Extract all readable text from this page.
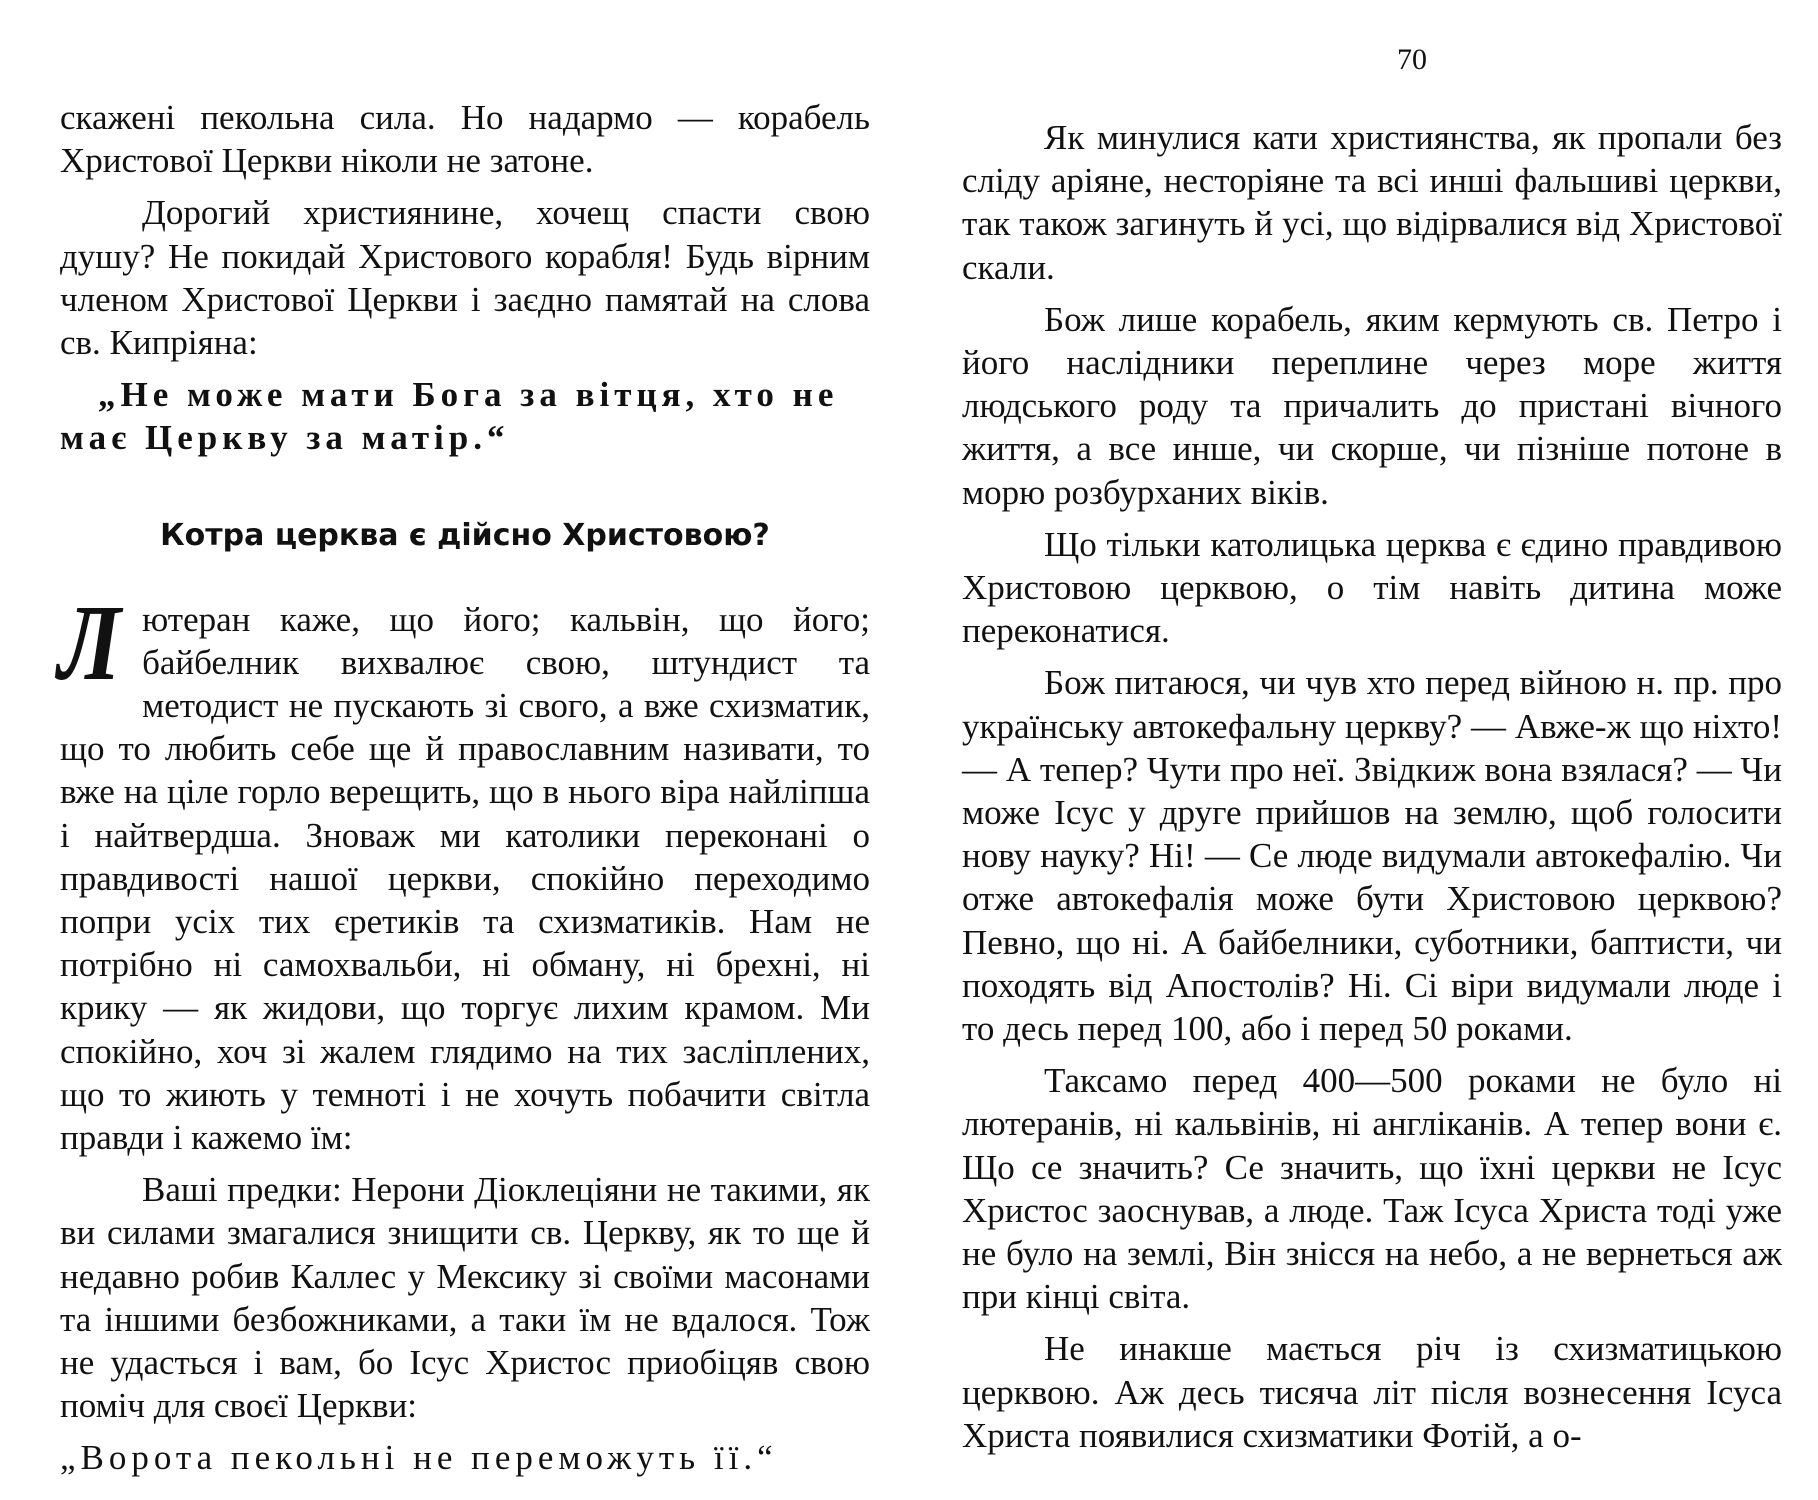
скажені пекольна сила. Но надармо — корабель Христової Церкви ніколи не затоне.

Дорогий християнине, хочещ спасти свою душу? Не покидай Христового корабля! Будь вірним членом Христової Церкви і заєдно памятай на слова св. Кипріяна:

„Не може мати Бога за вітця, хто не має Церкву за матір.“

Котра церква є дійсно Христовою?

Лютеран каже, що його; кальвін, що його; байбелник вихвалює свою, штундист та методист не пускають зі свого, а вже схизматик, що то любить себе ще й православним називати, то вже на ціле горло верещить, що в нього віра найліпша і найтвердша. Зноваж ми католики переконані о правдивості нашої церкви, спокійно переходимо попри усіх тих єретиків та схизматиків. Нам не потрібно ні самохвальби, ні обману, ні брехні, ні крику — як жидови, що торгує лихим крамом. Ми спокійно, хоч зі жалем глядимо на тих засліплених, що то жиють у темноті і не хочуть побачити світла правди і кажемо їм:

Ваші предки: Нерони Діоклеціяни не такими, як ви силами змагалися знищити св. Церкву, як то ще й недавно робив Каллес у Мексику зі своїми масонами та іншими безбожниками, а таки їм не вдалося. Тож не удасться і вам, бо Ісус Христос приобіцяв свою поміч для своєї Церкви:

„Ворота пекольні не переможуть її.“

70

Як минулися кати християнства, як пропали без сліду аріяне, несторіяне та всі инші фальшиві церкви, так також загинуть й усі, що відірвалися від Христової скали.

Бож лише корабель, яким кермують св. Петро і його наслідники переплине через море життя людського роду та причалить до пристані вічного життя, а все инше, чи скорше, чи пізніше потоне в морю розбурханих віків.

Що тільки католицька церква є єдино правдивою Христовою церквою, о тім навіть дитина може переконатися.

Бож питаюся, чи чув хто перед війною н. пр. про українську автокефальну церкву? — Авже-ж що ніхто! — А тепер? Чути про неї. Звідкиж вона взялася? — Чи може Ісус у друге прийшов на землю, щоб голосити нову науку? Ні! — Се люде видумали автокефалію. Чи отже автокефалія може бути Христовою церквою? Певно, що ні. А байбелники, суботники, баптисти, чи походять від Апостолів? Ні. Сі віри видумали люде і то десь перед 100, або і перед 50 роками.

Таксамо перед 400—500 роками не було ні лютеранів, ні кальвінів, ні англіканів. А тепер вони є. Що се значить? Се значить, що їхні церкви не Ісус Христос заоснував, а люде. Таж Ісуса Христа тоді уже не було на землі, Він знісся на небо, а не вернеться аж при кінці світа.

Не инакше мається річ із схизматицькою церквою. Аж десь тисяча літ після вознесення Ісуса Христа появилися схизматики Фотій, а о-
